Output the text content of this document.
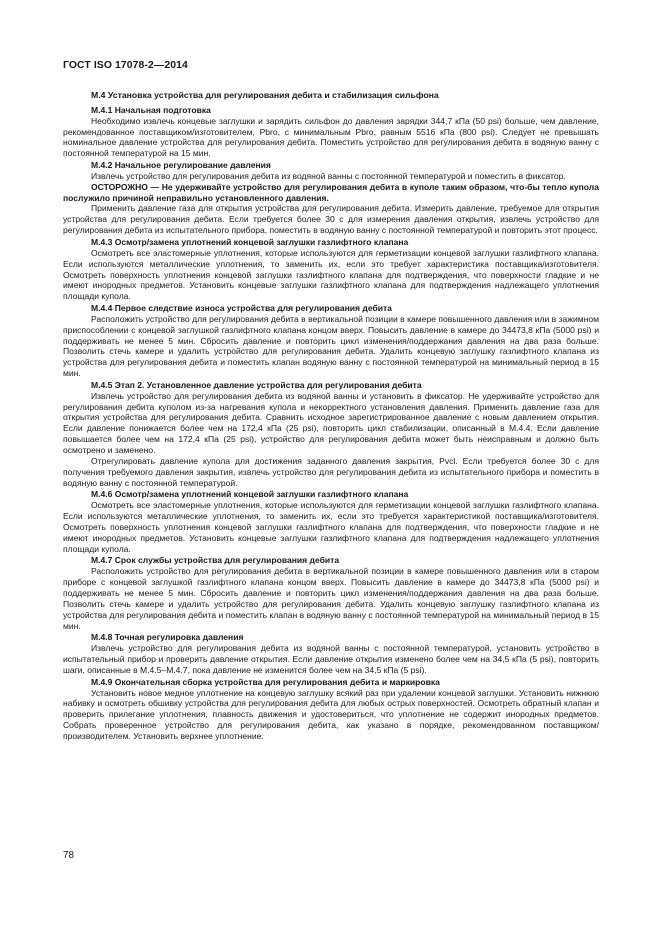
ГОСТ ISO 17078-2—2014
М.4 Установка устройства для регулирования дебита и стабилизация сильфона
М.4.1 Начальная подготовка

Необходимо извлечь концевые заглушки и зарядить сильфон до давления зарядки 344,7 кПа (50 psi) больше, чем давление, рекомендованное поставщиком/изготовителем, Pbro, с минимальным Pbro, равным 5516 кПа (800 psi). Следует не превышать номинальное давление устройства для регулирования дебита. Поместить устройство для регулирования дебита в водяную ванну с постоянной температурой на 15 мин.

М.4.2 Начальное регулирование давления

Извлечь устройство для регулирования дебита из водяной ванны с постоянной температурой и поместить в фиксатор.

ОСТОРОЖНО — Не удерживайте устройство для регулирования дебита в куполе таким образом, что-бы тепло купола послужило причиной неправильно установленного давления.

Применить давление газа для открытия устройства для регулирования дебита. Измерить давление, требуемое для открытия устройства для регулирования дебита. Если требуется более 30 с для измерения давления открытия, извлечь устройство для регулирования дебита из испытательного прибора, поместить в водяную ванну с постоянной температурой и повторить этот процесс.

М.4.3 Осмотр/замена уплотнений концевой заглушки газлифтного клапана

Осмотреть все эластомерные уплотнения, которые используются для герметизации концевой заглушки газлифтного клапана. Если используются металлические уплотнения, то заменить их, если это требует характеристика поставщика/изготовителя. Осмотреть поверхность уплотнения концевой заглушки газлифтного клапана для подтверждения, что поверхности гладкие и не имеют инородных предметов. Установить концевые заглушки газлифтного клапана для подтверждения надлежащего уплотнения площади купола.

М.4.4 Первое следствие износа устройства для регулирования дебита

Расположить устройство для регулирования дебита в вертикальной позиции в камере повышенного давления или в зажимном приспособлении с концевой заглушкой газлифтного клапана концом вверх. Повысить давление в камере до 34473,8 кПа (5000 psi) и поддерживать не менее 5 мин. Сбросить давление и повторить цикл изменения/поддержания давления на два раза больше. Позволить стечь камере и удалить устройство для регулирования дебита. Удалить концевую заглушку газлифтного клапана из устройства для регулирования дебита и поместить клапан водяную ванну с постоянной температурой на минимальный период в 15 мин.

М.4.5 Этап 2. Установленное давление устройства для регулирования дебита

Извлечь устройство для регулирования дебита из водяной ванны и установить в фиксатор. Не удерживайте устройство для регулирования дебита куполом из-за нагревания купола и некорректного установления давления. Применить давление газа для открытия устройства для регулирования дебита. Сравнить исходное зарегистрированное давление с новым давлением открытия. Если давление понижается более чем на 172,4 кПа (25 psi), повторить цикл стабилизации, описанный в М.4.4. Если давление повышается более чем на 172,4 кПа (25 psi), устройство для регулирования дебита может быть неисправным и должно быть осмотрено и заменено.

Отрегулировать давление купола для достижения заданного давления закрытия, Pvcl. Если требуется более 30 с для получения требуемого давления закрытия, извлечь устройство для регулирования дебита из испытательного прибора и поместить в водяную ванну с постоянной температурой.

М.4.6 Осмотр/замена уплотнений концевой заглушки газлифтного клапана

Осмотреть все эластомерные уплотнения, которые используются для герметизации концевой заглушки газлифтного клапана. Если используются металлические уплотнения, то заменить их, если это требуется характеристикой поставщика/изготовителя. Осмотреть поверхность уплотнения концевой заглушки газлифтного клапана для подтверждения, что поверхности гладкие и не имеют инородных предметов. Установить концевые заглушки газлифтного клапана для подтверждения надлежащего уплотнения площади купола.

М.4.7 Срок службы устройства для регулирования дебита

Расположить устройство для регулирования дебита в вертикальной позиции в камере повышенного давления или в старом приборе с концевой заглушкой газлифтного клапана концом вверх. Повысить давление в камере до 34473,8 кПа (5000 psi) и поддерживать не менее 5 мин. Сбросить давление и повторить цикл изменения/поддержания давления на два раза больше. Позволить стечь камере и удалить устройство для регулирования дебита. Удалить концевую заглушку газлифтного клапана из устройства для регулирования дебита и поместить клапан в водяную ванну с постоянной температурой на минимальный период в 15 мин.

М.4.8 Точная регулировка давления

Извлечь устройство для регулирования дебита из водяной ванны с постоянной температурой, установить устройство в испытательный прибор и проверить давление открытия. Если давление открытия изменено более чем на 34,5 кПа (5 psi), повторить шаги, описанные в М.4.5–М.4.7, пока давление не изменится более чем на 34,5 кПа (5 psi).

М.4.9 Окончательная сборка устройства для регулирования дебита и маркировка

Установить новое медное уплотнение на концевую заглушку всякий раз при удалении концевой заглушки. Установить нижнюю набивку и осмотреть обшивку устройства для регулирования дебита для любых острых поверхностей. Осмотреть обратный клапан и проверить прилегание уплотнения, плавность движения и удостовериться, что уплотнение не содержит инородных предметов. Собрать проверенное устройство для регулирования дебита, как указано в порядке, рекомендованном поставщиком/производителем. Установить верхнее уплотнение.

78
